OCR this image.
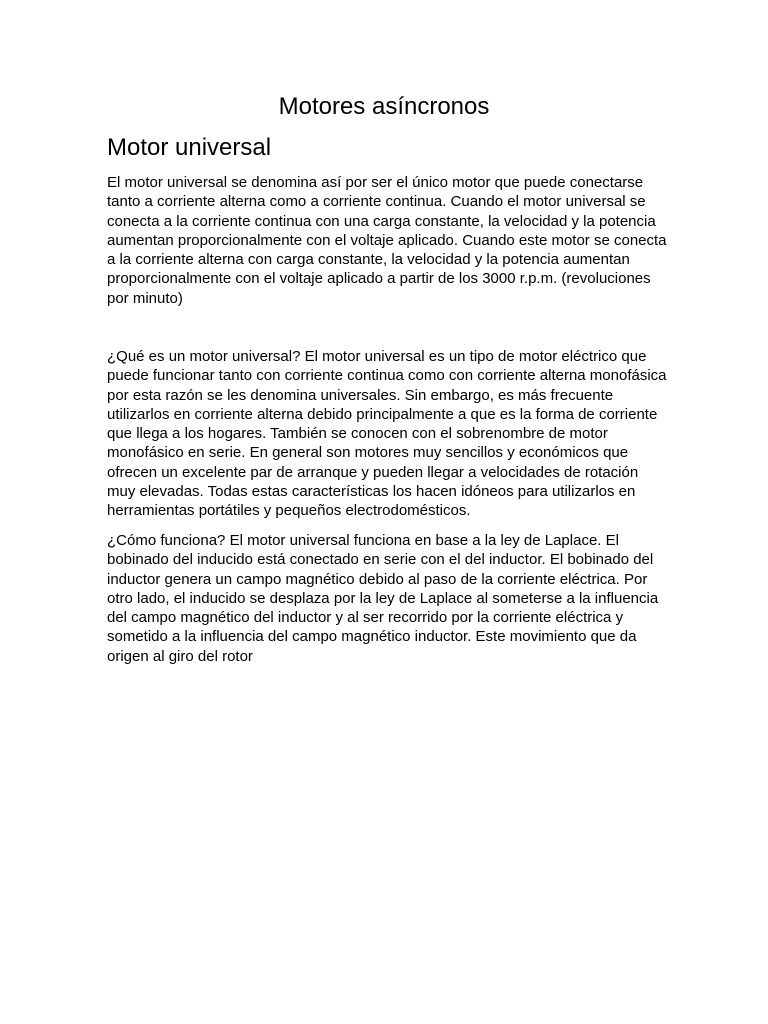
Motores asíncronos
Motor universal

El motor universal se denomina así por ser el único motor que puede conectarse tanto a corriente alterna como a corriente continua. Cuando el motor universal se conecta a la corriente continua con una carga constante, la velocidad y la potencia aumentan proporcionalmente con el voltaje aplicado. Cuando este motor se conecta a la corriente alterna con carga constante, la velocidad y la potencia aumentan proporcionalmente con el voltaje aplicado a partir de los 3000 r.p.m. (revoluciones por minuto)

¿Qué es un motor universal? El motor universal es un tipo de motor eléctrico que puede funcionar tanto con corriente continua como con corriente alterna monofásica por esta razón se les denomina universales. Sin embargo, es más frecuente utilizarlos en corriente alterna debido principalmente a que es la forma de corriente que llega a los hogares. También se conocen con el sobrenombre de motor monofásico en serie. En general son motores muy sencillos y económicos que ofrecen un excelente par de arranque y pueden llegar a velocidades de rotación muy elevadas. Todas estas características los hacen idóneos para utilizarlos en herramientas portátiles y pequeños electrodomésticos.

¿Cómo funciona? El motor universal funciona en base a la ley de Laplace. El bobinado del inducido está conectado en serie con el del inductor. El bobinado del inductor genera un campo magnético debido al paso de la corriente eléctrica. Por otro lado, el inducido se desplaza por la ley de Laplace al someterse a la influencia del campo magnético del inductor y al ser recorrido por la corriente eléctrica y sometido a la influencia del campo magnético inductor. Este movimiento que da origen al giro del rotor
